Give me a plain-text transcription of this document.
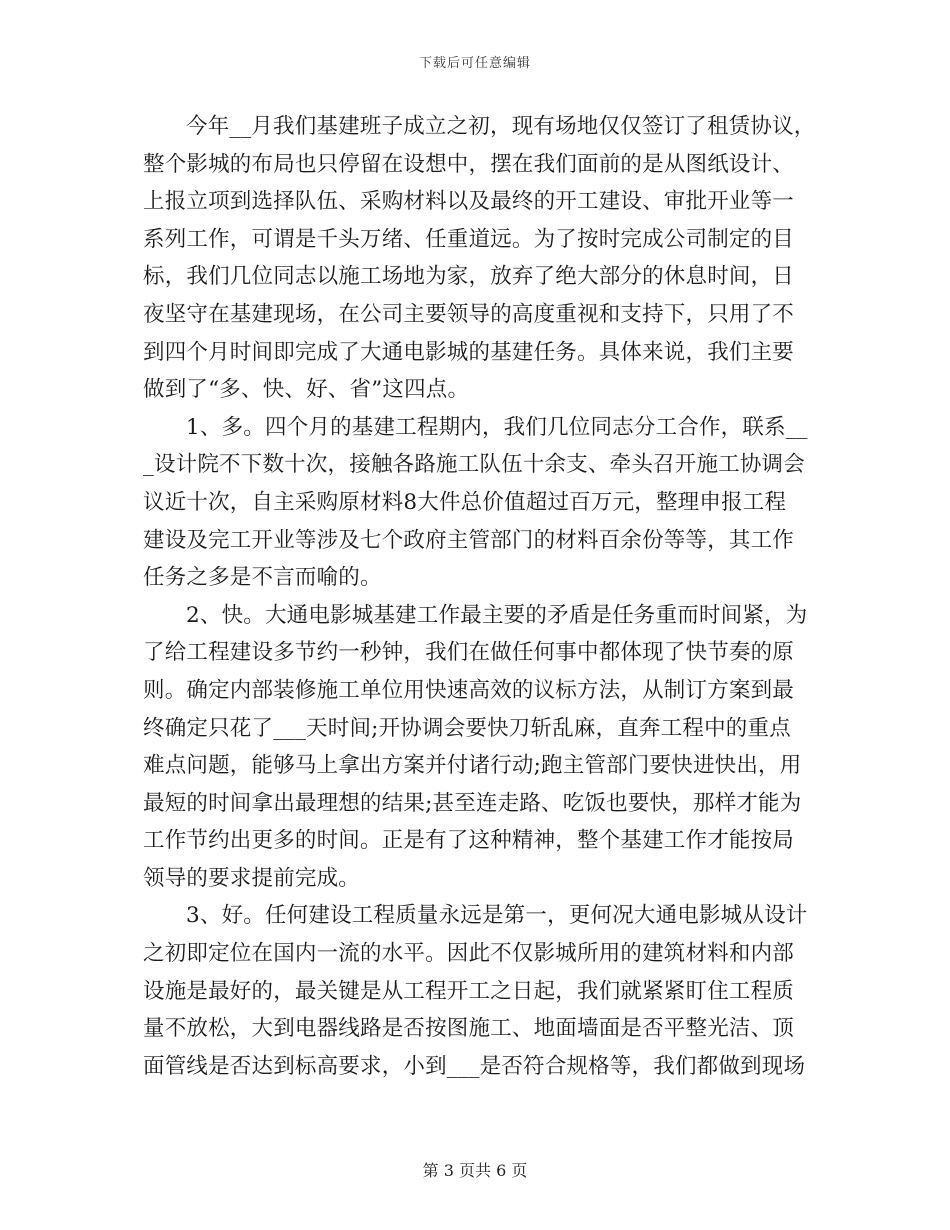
下载后可任意编辑
今年__月我们基建班子成立之初，现有场地仅仅签订了租赁协议，
整个影城的布局也只停留在设想中，摆在我们面前的是从图纸设计、
上报立项到选择队伍、采购材料以及最终的开工建设、审批开业等一
系列工作，可谓是千头万绪、任重道远。为了按时完成公司制定的目
标，我们几位同志以施工场地为家，放弃了绝大部分的休息时间，日
夜坚守在基建现场，在公司主要领导的高度重视和支持下，只用了不
到四个月时间即完成了大通电影城的基建任务。具体来说，我们主要
做到了“多、快、好、省”这四点。
1、多。四个月的基建工程期内，我们几位同志分工合作，联系__
_设计院不下数十次，接触各路施工队伍十余支、牵头召开施工协调会
议近十次，自主采购原材料8大件总价值超过百万元，整理申报工程
建设及完工开业等涉及七个政府主管部门的材料百余份等等，其工作
任务之多是不言而喻的。
2、快。大通电影城基建工作最主要的矛盾是任务重而时间紧，为
了给工程建设多节约一秒钟，我们在做任何事中都体现了快节奏的原
则。确定内部装修施工单位用快速高效的议标方法，从制订方案到最
终确定只花了___天时间;开协调会要快刀斩乱麻，直奔工程中的重点
难点问题，能够马上拿出方案并付诸行动;跑主管部门要快进快出，用
最短的时间拿出最理想的结果;甚至连走路、吃饭也要快，那样才能为
工作节约出更多的时间。正是有了这种精神，整个基建工作才能按局
领导的要求提前完成。
3、好。任何建设工程质量永远是第一，更何况大通电影城从设计
之初即定位在国内一流的水平。因此不仅影城所用的建筑材料和内部
设施是最好的，最关键是从工程开工之日起，我们就紧紧盯住工程质
量不放松，大到电器线路是否按图施工、地面墙面是否平整光洁、顶
面管线是否达到标高要求，小到___是否符合规格等，我们都做到现场
第 3 页共 6 页
